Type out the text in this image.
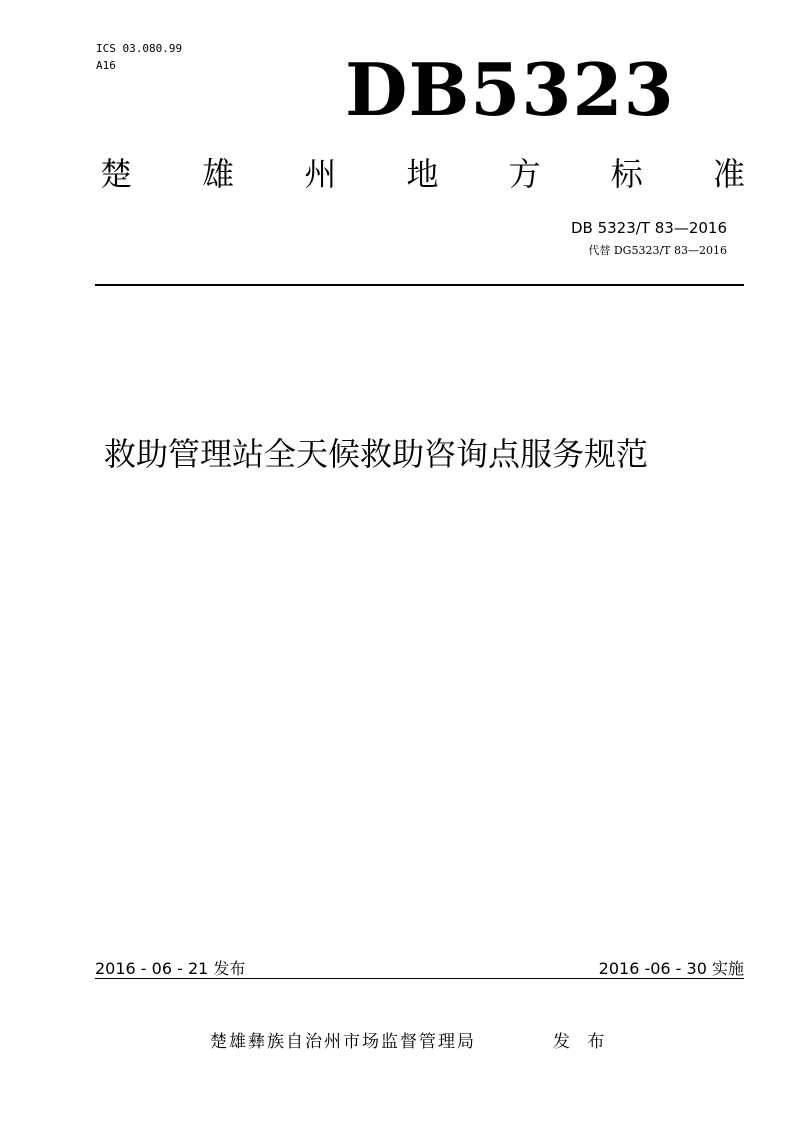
ICS 03.080.99
A16	DB5323
楚 雄 州 地 方 标 准
DB 5323/T 83—2016
代替 DG5323/T 83—2016
救助管理站全天候救助咨询点服务规范
2016 - 06 - 21 发布	2016 -06 - 30 实施
楚雄彝族自治州市场监督管理局	发 布
